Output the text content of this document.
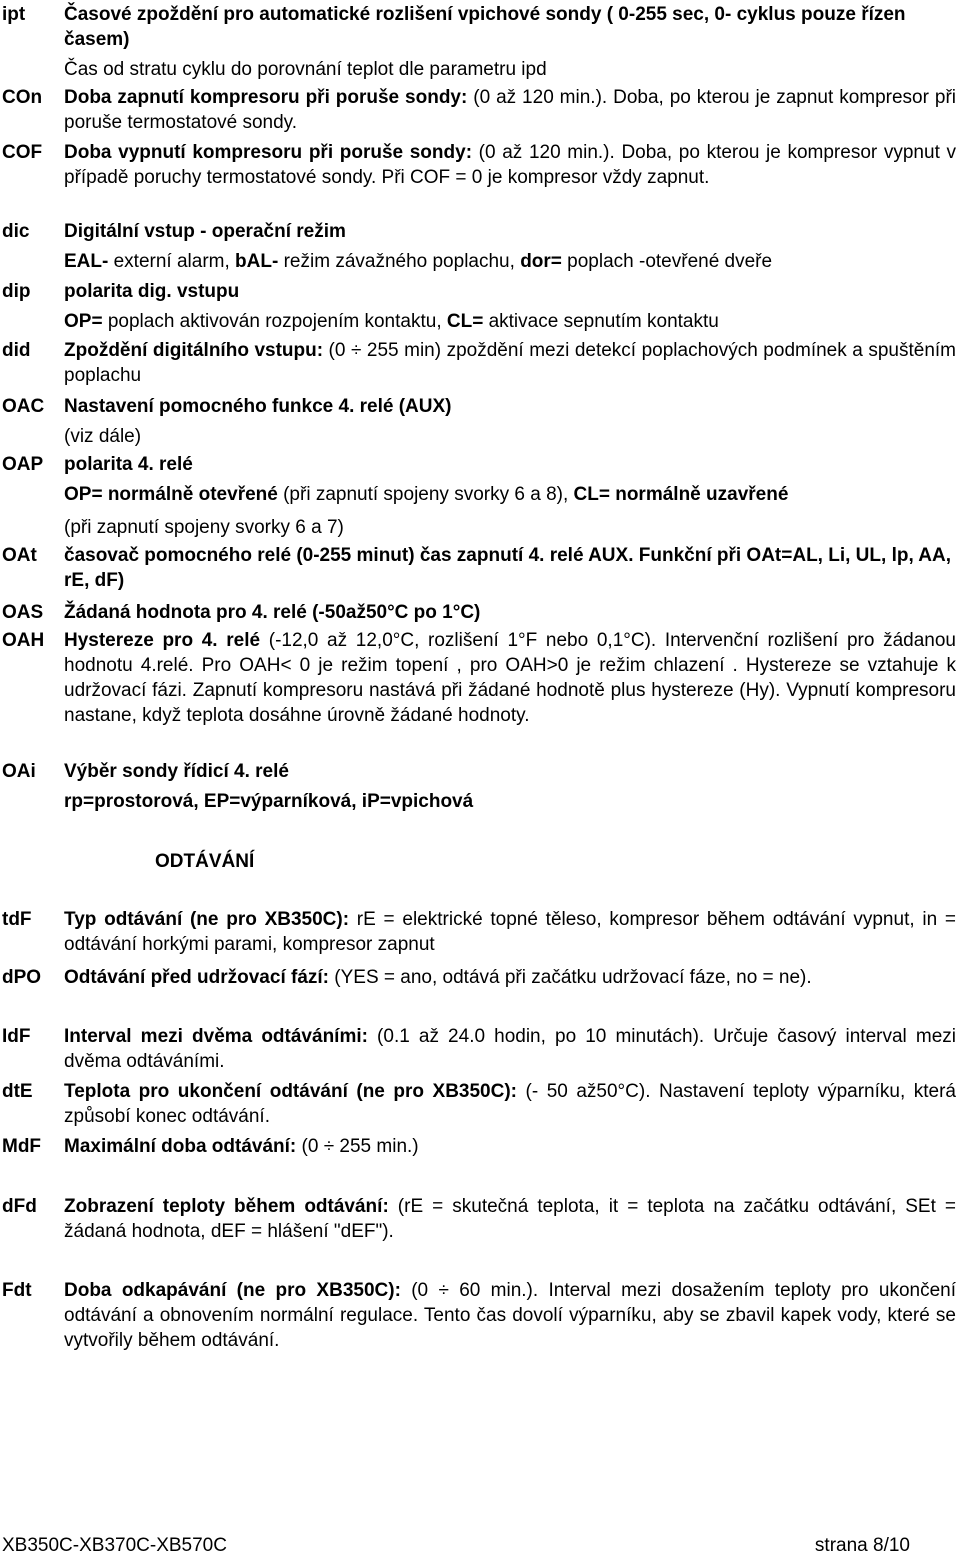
ipt Časové zpoždění pro automatické rozlišení vpichové sondy ( 0-255 sec, 0- cyklus pouze řízen časem)

Čas od stratu cyklu do porovnání teplot dle parametru ipd

COn Doba zapnutí kompresoru při poruše sondy: (0 až 120 min.). Doba, po kterou je zapnut kompresor při poruše termostatové sondy.

COF Doba vypnutí kompresoru při poruše sondy: (0 až 120 min.). Doba, po kterou je kompresor vypnut v případě poruchy termostatové sondy. Při COF = 0 je kompresor vždy zapnut.

dic Digitální vstup - operační režim

EAL- externí alarm, bAL- režim závažného poplachu, dor= poplach -otevřené dveře

dip polarita dig. vstupu

OP= poplach aktivován rozpojením kontaktu, CL= aktivace sepnutím kontaktu

did Zpoždění digitálního vstupu: (0 ÷ 255 min) zpoždění mezi detekcí poplachových podmínek a spuštěním poplachu

OAC Nastavení pomocného funkce 4. relé (AUX)

(viz dále)

OAP polarita 4. relé

OP= normálně otevřené (při zapnutí spojeny svorky 6 a 8), CL= normálně uzavřené

(při zapnutí spojeny svorky 6 a 7)

OAt časovač pomocného relé (0-255 minut) čas zapnutí 4. relé AUX. Funkční při OAt=AL, Li, UL, lp, AA, rE, dF)

OAS Žádaná hodnota pro 4. relé (-50až50°C po 1°C)

OAH Hystereze pro 4. relé (-12,0 až 12,0°C, rozlišení 1°F nebo 0,1°C). Intervenční rozlišení pro žádanou hodnotu 4.relé. Pro OAH< 0 je režim topení , pro OAH>0 je režim chlazení . Hystereze se vztahuje k udržovací fázi. Zapnutí kompresoru nastává při žádané hodnotě plus hystereze (Hy). Vypnutí kompresoru nastane, když teplota dosáhne úrovně žádané hodnoty.

OAi Výběr sondy řídicí 4. relé

rp=prostorová, EP=výparníková, iP=vpichová

tdF Typ odtávání (ne pro XB350C): rE = elektrické topné těleso, kompresor během odtávání vypnut, in = odtávání horkými parami, kompresor zapnut

dPO Odtávání před udržovací fází: (YES = ano, odtává při začátku udržovací fáze, no = ne).

IdF Interval mezi dvěma odtáváními: (0.1 až 24.0 hodin, po 10 minutách). Určuje časový interval mezi dvěma odtáváními.

dtE Teplota pro ukončení odtávání (ne pro XB350C): (- 50 až50°C). Nastavení teploty výparníku, která způsobí konec odtávání.

MdF Maximální doba odtávání: (0 ÷ 255 min.)

dFd Zobrazení teploty během odtávání: (rE = skutečná teplota, it = teplota na začátku odtávání, SEt = žádaná hodnota, dEF = hlášení "dEF").

Fdt Doba odkapávání (ne pro XB350C): (0 ÷ 60 min.). Interval mezi dosažením teploty pro ukončení odtávání a obnovením normální regulace. Tento čas dovolí výparníku, aby se zbavil kapek vody, které se vytvořily během odtávání.

ODTÁVÁNÍ
XB350C-XB370C-XB570C	strana 8/10
